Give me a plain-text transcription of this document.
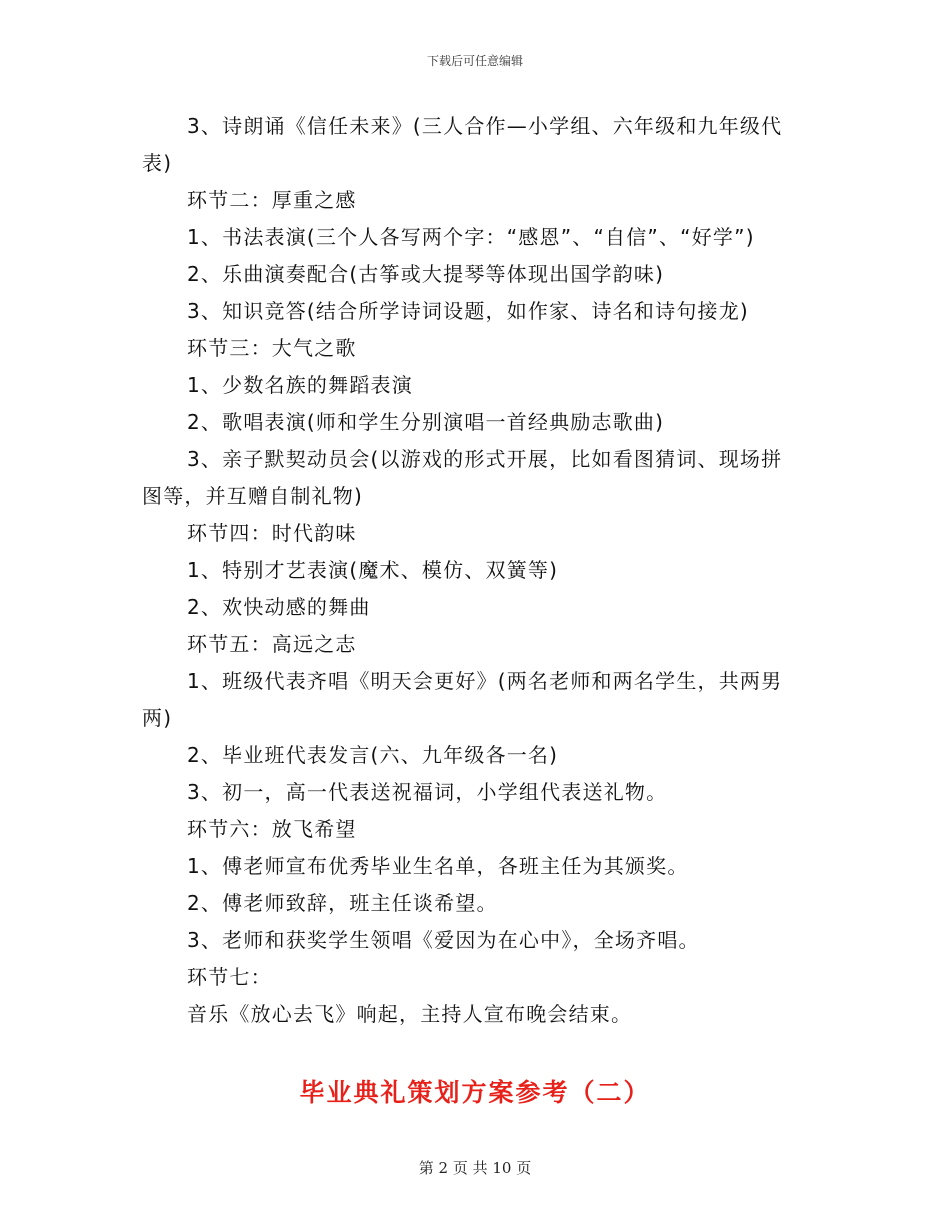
下载后可任意编辑

3、诗朗诵《信任未来》(三人合作—小学组、六年级和九年级代表)

环节二：厚重之感

1、书法表演(三个人各写两个字：“感恩”、“自信”、“好学”)

2、乐曲演奏配合(古筝或大提琴等体现出国学韵味)

3、知识竞答(结合所学诗词设题，如作家、诗名和诗句接龙)

环节三：大气之歌

1、少数名族的舞蹈表演

2、歌唱表演(师和学生分别演唱一首经典励志歌曲)

3、亲子默契动员会(以游戏的形式开展，比如看图猜词、现场拼图等，并互赠自制礼物)

环节四：时代韵味

1、特别才艺表演(魔术、模仿、双簧等)

2、欢快动感的舞曲

环节五：高远之志

1、班级代表齐唱《明天会更好》(两名老师和两名学生，共两男两)

2、毕业班代表发言(六、九年级各一名)

3、初一，高一代表送祝福词，小学组代表送礼物。

环节六：放飞希望

1、傅老师宣布优秀毕业生名单，各班主任为其颁奖。

2、傅老师致辞，班主任谈希望。

3、老师和获奖学生领唱《爱因为在心中》，全场齐唱。

环节七：

音乐《放心去飞》响起，主持人宣布晚会结束。

毕业典礼策划方案参考（二）
第 2 页 共 10 页
